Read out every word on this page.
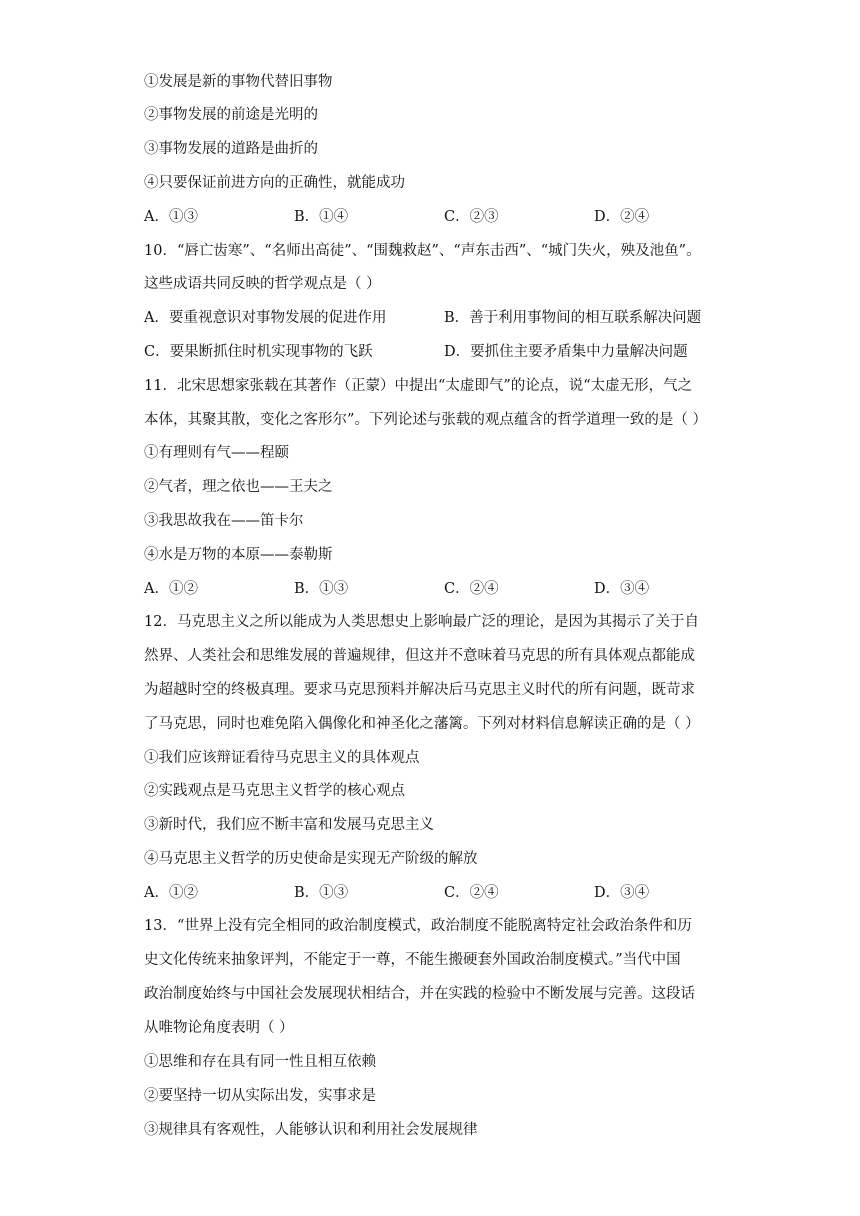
①发展是新的事物代替旧事物
②事物发展的前途是光明的
③事物发展的道路是曲折的
④只要保证前进方向的正确性，就能成功
A．①③	B．①④	C．②③	D．②④
10．“唇亡齿寒”、“名师出高徒”、“围魏救赵”、“声东击西”、“城门失火，殃及池鱼”。
这些成语共同反映的哲学观点是（ ）
A．要重视意识对事物发展的促进作用	B．善于利用事物间的相互联系解决问题
C．要果断抓住时机实现事物的飞跃	D．要抓住主要矛盾集中力量解决问题
11．北宋思想家张载在其著作（正蒙）中提出“太虚即气”的论点，说“太虚无形，气之
本体，其聚其散，变化之客形尔”。下列论述与张载的观点蕴含的哲学道理一致的是（ ）
①有理则有气——程颐
②气者，理之依也——王夫之
③我思故我在——笛卡尔
④水是万物的本原——泰勒斯
A．①②	B．①③	C．②④	D．③④
12．马克思主义之所以能成为人类思想史上影响最广泛的理论，是因为其揭示了关于自
然界、人类社会和思维发展的普遍规律，但这并不意味着马克思的所有具体观点都能成
为超越时空的终极真理。要求马克思预料并解决后马克思主义时代的所有问题，既苛求
了马克思，同时也难免陷入偶像化和神圣化之藩篱。下列对材料信息解读正确的是（ ）
①我们应该辩证看待马克思主义的具体观点
②实践观点是马克思主义哲学的核心观点
③新时代，我们应不断丰富和发展马克思主义
④马克思主义哲学的历史使命是实现无产阶级的解放
A．①②	B．①③	C．②④	D．③④
13．“世界上没有完全相同的政治制度模式，政治制度不能脱离特定社会政治条件和历
史文化传统来抽象评判，不能定于一尊，不能生搬硬套外国政治制度模式。”当代中国
政治制度始终与中国社会发展现状相结合，并在实践的检验中不断发展与完善。这段话
从唯物论角度表明（ ）
①思维和存在具有同一性且相互依赖
②要坚持一切从实际出发，实事求是
③规律具有客观性，人能够认识和利用社会发展规律
